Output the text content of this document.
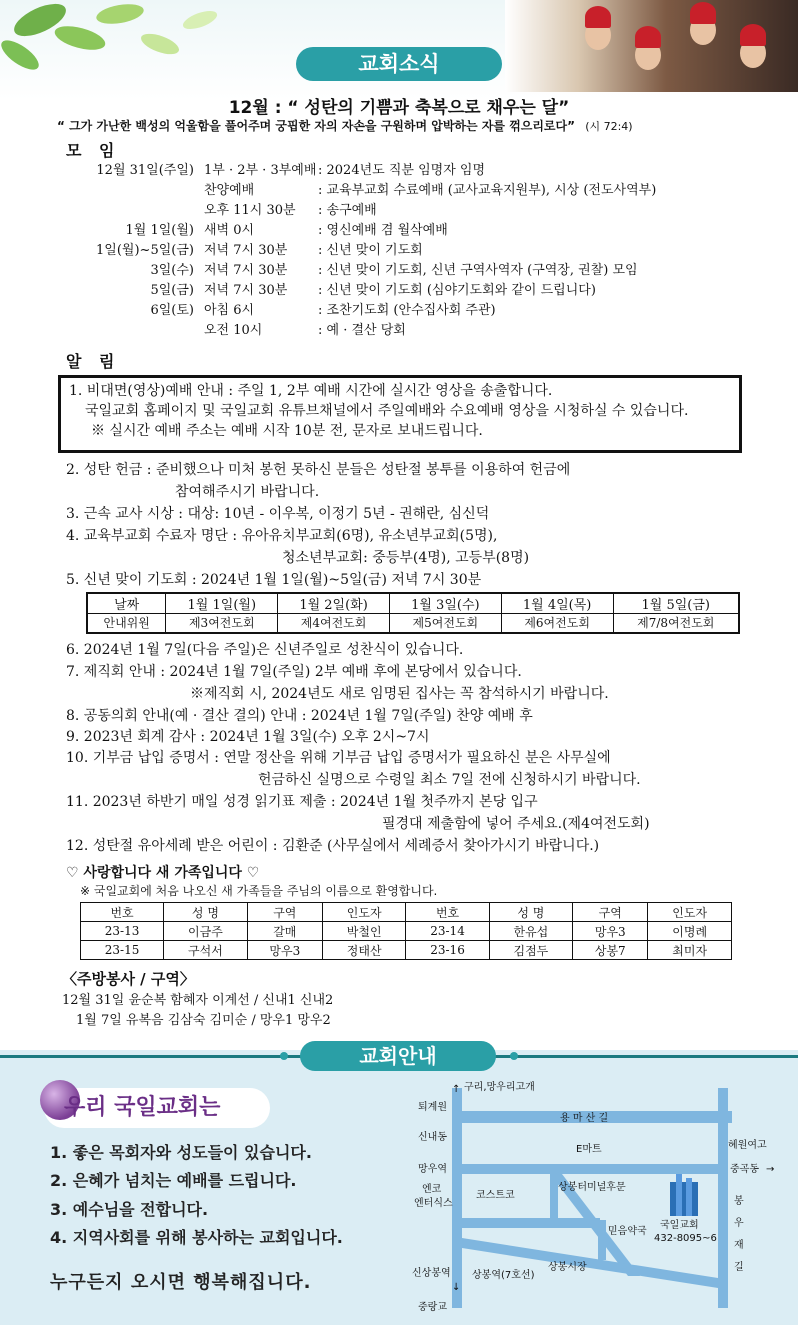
교회소식
12월 : “ 성탄의 기쁨과 축복으로 채우는 달”
“ 그가 가난한 백성의 억울함을 풀어주며 궁핍한 자의 자손을 구원하며 압박하는 자를 꺾으리로다” (시 72:4)
모 임
12월 31일(주일)	1부 · 2부 · 3부예배	: 2024년도 직분 임명자 임명
	찬양예배	: 교육부교회 수료예배 (교사교육지원부), 시상 (전도사역부)
	오후 11시 30분	: 송구예배
1월 1일(월)	새벽 0시	: 영신예배 겸 월삭예배
1일(월)~5일(금)	저녁 7시 30분	: 신년 맞이 기도회
3일(수)	저녁 7시 30분	: 신년 맞이 기도회, 신년 구역사역자 (구역장, 권찰) 모임
5일(금)	저녁 7시 30분	: 신년 맞이 기도회 (심야기도회와 같이 드립니다)
6일(토)	아침 6시	: 조찬기도회 (안수집사회 주관)
	오전 10시	: 예 · 결산 당회
알 림
1. 비대면(영상)예배 안내 : 주일 1, 2부 예배 시간에 실시간 영상을 송출합니다.
국일교회 홈페이지 및 국일교회 유튜브채널에서 주일예배와 수요예배 영상을 시청하실 수 있습니다.
※ 실시간 예배 주소는 예배 시작 10분 전, 문자로 보내드립니다.
2. 성탄 헌금 : 준비했으나 미처 봉헌 못하신 분들은 성탄절 봉투를 이용하여 헌금에
참여해주시기 바랍니다.
3. 근속 교사 시상 : 대상: 10년 - 이우복, 이정기 5년 - 권해란, 심신덕
4. 교육부교회 수료자 명단 : 유아유치부교회(6명), 유소년부교회(5명),
청소년부교회: 중등부(4명), 고등부(8명)
5. 신년 맞이 기도회 : 2024년 1월 1일(월)~5일(금) 저녁 7시 30분
날짜	1월 1일(월)	1월 2일(화)	1월 3일(수)	1월 4일(목)	1월 5일(금)
안내위원	제3여전도회	제4여전도회	제5여전도회	제6여전도회	제7/8여전도회
6. 2024년 1월 7일(다음 주일)은 신년주일로 성찬식이 있습니다.
7. 제직회 안내 : 2024년 1월 7일(주일) 2부 예배 후에 본당에서 있습니다.
※제직회 시, 2024년도 새로 임명된 집사는 꼭 참석하시기 바랍니다.
8. 공동의회 안내(예 · 결산 결의) 안내 : 2024년 1월 7일(주일) 찬양 예배 후
9. 2023년 회계 감사 : 2024년 1월 3일(수) 오후 2시~7시
10. 기부금 납입 증명서 : 연말 정산을 위해 기부금 납입 증명서가 필요하신 분은 사무실에
헌금하신 실명으로 수령일 최소 7일 전에 신청하시기 바랍니다.
11. 2023년 하반기 매일 성경 읽기표 제출 : 2024년 1월 첫주까지 본당 입구
필경대 제출함에 넣어 주세요.(제4여전도회)
12. 성탄절 유아세례 받은 어린이 : 김환준 (사무실에서 세례증서 찾아가시기 바랍니다.)
♡ 사랑합니다 새 가족입니다 ♡
※ 국일교회에 처음 나오신 새 가족들을 주님의 이름으로 환영합니다.
번호	성 명	구역	인도자	번호	성 명	구역	인도자
23-13	이금주	갈매	박철인	23-14	한유섭	망우3	이명례
23-15	구석서	망우3	정태산	23-16	김점두	상봉7	최미자
〈주방봉사 / 구역〉
12월 31일 윤순복 함혜자 이계선 / 신내1 신내2
1월 7일 유복음 김삼숙 김미순 / 망우1 망우2
교회안내
우리 국일교회는
1. 좋은 목회자와 성도들이 있습니다.
2. 은혜가 넘치는 예배를 드립니다.
3. 예수님을 전합니다.
4. 지역사회를 위해 봉사하는 교회입니다.
누구든지 오시면 행복해집니다.
구리,망우리고개
퇴계원
용 마 산 길
신내동
E마트	혜원여고
망우역	중곡동
엔코
엔터식스
코스트코
상봉터미널후문
국일교회
432-8095~6
믿음약국
상봉시장
봉
우
재
길
신상봉역 상봉역(7호선)
중랑교
↑
→
↓
